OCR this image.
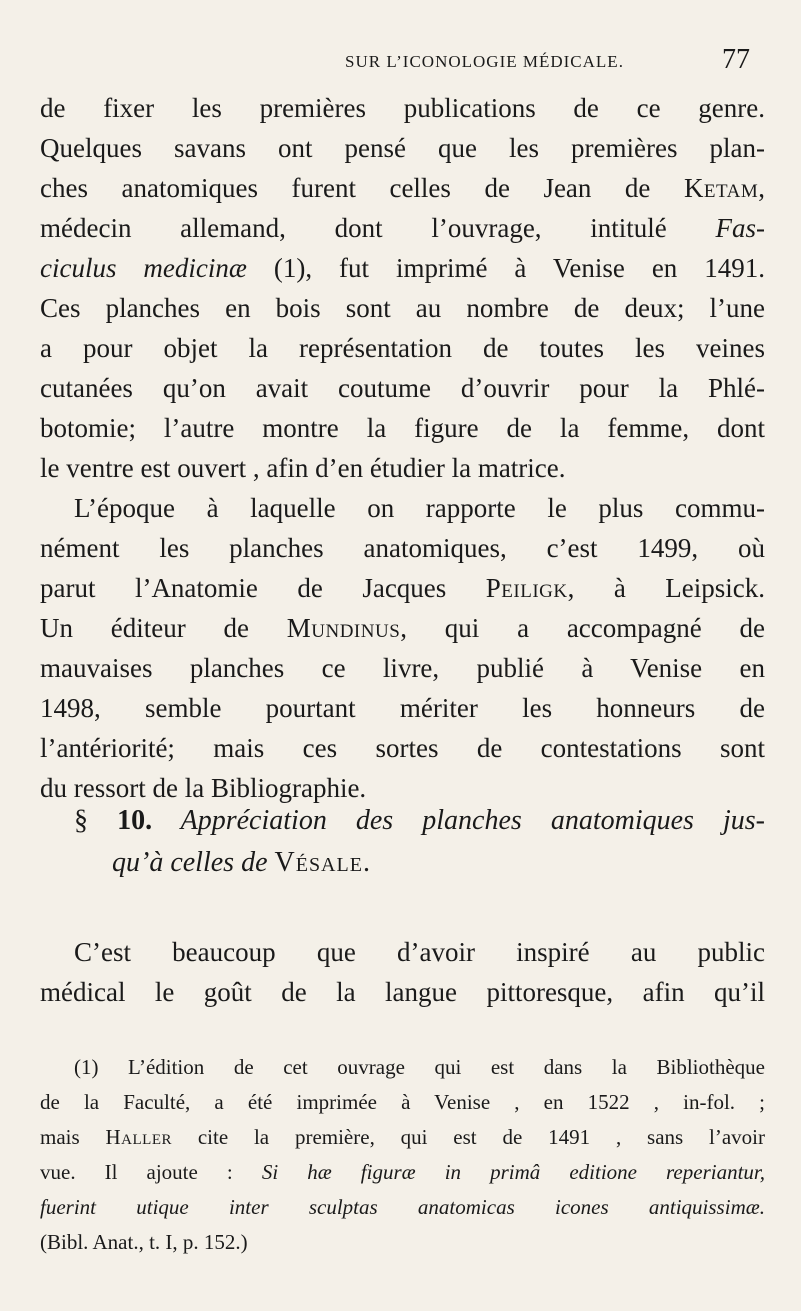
SUR L’ICONOLOGIE MÉDICALE.	77
de fixer les premières publications de ce genre.
Quelques savans ont pensé que les premières plan-
ches anatomiques furent celles de Jean de Ketam,
médecin allemand, dont l’ouvrage, intitulé Fas-
ciculus medicinæ (1), fut imprimé à Venise en 1491.
Ces planches en bois sont au nombre de deux; l’une
a pour objet la représentation de toutes les veines
cutanées qu’on avait coutume d’ouvrir pour la Phlé-
botomie; l’autre montre la figure de la femme, dont
le ventre est ouvert , afin d’en étudier la matrice.
L’époque à laquelle on rapporte le plus commu-
nément les planches anatomiques, c’est 1499, où
parut l’Anatomie de Jacques Peiligk, à Leipsick.
Un éditeur de Mundinus, qui a accompagné de
mauvaises planches ce livre, publié à Venise en
1498, semble pourtant mériter les honneurs de
l’antériorité; mais ces sortes de contestations sont
du ressort de la Bibliographie.
§ 10. Appréciation des planches anatomiques jus-
qu’à celles de Vésale.
C’est beaucoup que d’avoir inspiré au public
médical le goût de la langue pittoresque, afin qu’il
(1) L’édition de cet ouvrage qui est dans la Bibliothèque
de la Faculté, a été imprimée à Venise , en 1522 , in-fol. ;
mais Haller cite la première, qui est de 1491 , sans l’avoir
vue. Il ajoute : Si hæ figuræ in primâ editione reperiantur,
fuerint utique inter sculptas anatomicas icones antiquissimæ.
(Bibl. Anat., t. I, p. 152.)
